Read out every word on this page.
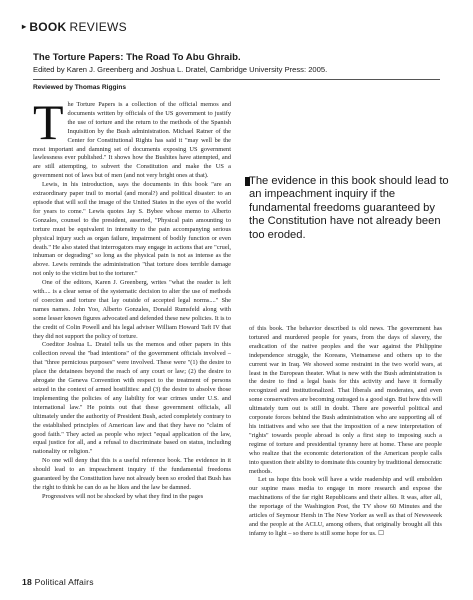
▸ BOOK REVIEWS
The Torture Papers: The Road To Abu Ghraib.
Edited by Karen J. Greenberg and Joshua L. Dratel, Cambridge University Press: 2005.
Reviewed by Thomas Riggins

The Torture Papers is a collection of the official memos and documents written by officials of the US government to justify the use of torture and the return to the methods of the Spanish Inquisition by the Bush administration. Michael Ratner of the Center for Constitutional Rights has said it "may well be the most important and damning set of documents exposing US government lawlessness ever published." It shows how the Bushites have attempted, and are still attempting, to subvert the Constitution and make the US a government not of laws but of men (and not very bright ones at that).

Lewis, in his introduction, says the documents in this book "are an extraordinary paper trail to mortal (and moral?) and political disaster: to an episode that will soil the image of the United States in the eyes of the world for years to come." Lewis quotes Jay S. Bybee whose memo to Alberto Gonzales, counsel to the president, asserted, "Physical pain amounting to torture must be equivalent in intensity to the pain accompanying serious physical injury such as organ failure, impairment of bodily function or even death." He also stated that interrogators may engage in actions that are "cruel, inhuman or degrading" so long as the physical pain is not as intense as the above. Lewis reminds the administration "that torture does terrible damage not only to the victim but to the torturer."

One of the editors, Karen J. Greenberg, writes "what the reader is left with.... is a clear sense of the systematic decision to alter the use of methods of coercion and torture that lay outside of accepted legal norms...." She names names. John Yoo, Alberto Gonzales, Donald Rumsfeld along with some lesser known figures advocated and defended these new policies. It is to the credit of Colin Powell and his legal adviser William Howard Taft IV that they did not support the policy of torture.

Coeditor Joshua L. Dratel tells us the memos and other papers in this collection reveal the "bad intentions" of the government officials involved – that "three pernicious purposes" were involved. These were "(1) the desire to place the detainees beyond the reach of any court or law; (2) the desire to abrogate the Geneva Convention with respect to the treatment of persons seized in the context of armed hostilities: and (3) the desire to absolve those implementing the policies of any liability for war crimes under U.S. and international law." He points out that these government officials, all ultimately under the authority of President Bush, acted completely contrary to the established principles of American law and that they have no "claim of good faith." They acted as people who reject "equal application of the law, equal justice for all, and a refusal to discriminate based on status, including nationality or religion."

No one will deny that this is a useful reference book. The evidence in it should lead to an impeachment inquiry if the fundamental freedoms guaranteed by the Constitution have not already been so eroded that Bush has the right to think he can do as he likes and the law be damned.

Progressives will not be shocked by what they find in the pages

The evidence in this book should lead to an impeachment inquiry if the fundamental freedoms guaranteed by the Constitution have not already been too eroded.

of this book. The behavior described is old news. The government has tortured and murdered people for years, from the days of slavery, the eradication of the native peoples and the war against the Philippine independence struggle, the Koreans, Vietnamese and others up to the current war in Iraq. We showed some restraint in the two world wars, at least in the European theater. What is new with the Bush administration is the desire to find a legal basis for this activity and have it formally recognized and institutionalized. That liberals and moderates, and even some conservatives are becoming outraged is a good sign. But how this will ultimately turn out is still in doubt. There are powerful political and corporate forces behind the Bush administration who are supporting all of his initiatives and who see that the imposition of a new interpretation of "rights" towards people abroad is only a first step to imposing such a regime of torture and presidential tyranny here at home. These are people who realize that the economic deterioration of the American people calls into question their ability to dominate this country by traditional democratic methods.

Let us hope this book will have a wide readership and will embolden our supine mass media to engage in more research and expose the machinations of the far right Republicans and their allies. It was, after all, the reportage of the Washington Post, the TV show 60 Minutes and the articles of Seymour Hersh in The New Yorker as well as that of Newsweek and the people at the ACLU, among others, that originally brought all this infamy to light – so there is still some hope for us. ☐

18 Political Affairs
